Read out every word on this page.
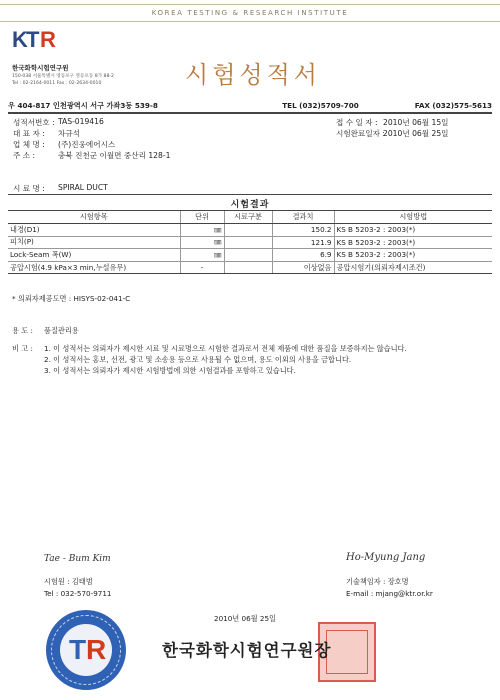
KOREA TESTING & RESEARCH INSTITUTE
K T R
한국화학시험연구원
150-038 서울특별시 영등포구 영등포동 8가 88-2
Tel : 02-2164-0011 Fax : 02-2634-0010	시험성적서
우 404-817 인천광역시 서구 가좌3동 539-8	TEL (032)5709-700	FAX (032)575-5613
성적서번호 : TAS-019416
대 표 자 : 차규석
업 체 명 : (주)진웅에어시스
주 소 :	충북 진천군 이월면 중산리 128-1
접 수 일 자 : 2010년 06월 15일
시험완료일자 :
2010년 06월 25일
시 료 명 : SPIRAL DUCT
시험결과
시험항목	단위	시료구분	결과치	시험방법
내경(D1)	㎜		150.2	KS B 5203-2 : 2003(*)
피치(P)	㎜		121.9	KS B 5203-2 : 2003(*)
Lock-Seam 폭(W)	㎜		6.9	KS B 5203-2 : 2003(*)
공압시험(4.9 kPa×3 min,누설유무)	-		이상없음	공압시험기(의뢰자제시조건)
* 의뢰자제공도면 : HISYS-02-041-C
용 도 : 품질관리용
비 고 : 1. 이 성적서는 의뢰자가 제시한 시료 및 시료명으로 시험한 결과로서 전체 제품에 대한 품질을 보증하지는 않습니다.
2. 이 성적서는 홍보, 선전, 광고 및 소송용 등으로 사용될 수 없으며, 용도 이외의 사용을 금합니다.
3. 이 성적서는 의뢰자가 제시한 시험방법에 의한 시험결과를 포함하고 있습니다.
Tae - Bum Kim
시험원 : 김태범
Tel : 032-570-9711
Ho-Myung Jang
기술책임자 : 장호명
E-mail : mjang@ktr.or.kr
2010년 06월 25일
T R	한국화학시험연구원장
